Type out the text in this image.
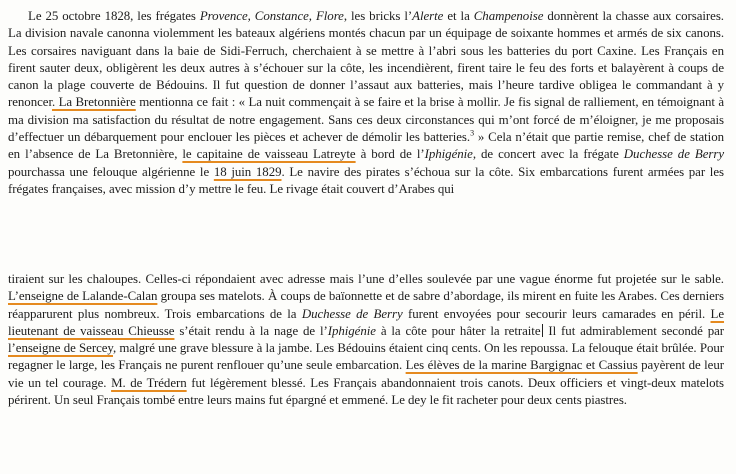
Le 25 octobre 1828, les frégates Provence, Constance, Flore, les bricks l’Alerte et la Champenoise donnèrent la chasse aux corsaires. La division navale canonna violemment les bateaux algériens montés chacun par un équipage de soixante hommes et armés de six canons. Les corsaires naviguant dans la baie de Sidi-Ferruch, cherchaient à se mettre à l’abri sous les batteries du port Caxine. Les Français en firent sauter deux, obligèrent les deux autres à s’échouer sur la côte, les incendièrent, firent taire le feu des forts et balayèrent à coups de canon la plage couverte de Bédouins. Il fut question de donner l’assaut aux batteries, mais l’heure tardive obligea le commandant à y renoncer. La Bretonnière mentionna ce fait : « La nuit commençait à se faire et la brise à mollir. Je fis signal de ralliement, en témoignant à ma division ma satisfaction du résultat de notre engagement. Sans ces deux circonstances qui m’ont forcé de m’éloigner, je me proposais d’effectuer un débarquement pour enclouer les pièces et achever de démolir les batteries.$^3$ » Cela n’était que partie remise, chef de station en l’absence de La Bretonnière, le capitaine de vaisseau Latreyte à bord de l’Iphigénie, de concert avec la frégate Duchesse de Berry pourchassa une felouque algérienne le 18 juin 1829. Le navire des pirates s’échoua sur la côte. Six embarcations furent armées par les frégates françaises, avec mission d’y mettre le feu. Le rivage était couvert d’Arabes qui

tiraient sur les chaloupes. Celles-ci répondaient avec adresse mais l’une d’elles soulevée par une vague énorme fut projetée sur le sable. L’enseigne de Lalande-Calan groupa ses matelots. À coups de baïonnette et de sabre d’abordage, ils mirent en fuite les Arabes. Ces derniers réapparurent plus nombreux. Trois embarcations de la Duchesse de Berry furent envoyées pour secourir leurs camarades en péril. Le lieutenant de vaisseau Chieusse s’était rendu à la nage de l’Iphigénie à la côte pour hâter la retraite Il fut admirablement secondé par l’enseigne de Sercey, malgré une grave blessure à la jambe. Les Bédouins étaient cinq cents. On les repoussa. La felouque était brûlée. Pour regagner le large, les Français ne purent renflouer qu’une seule embarcation. Les élèves de la marine Bargignac et Cassius payèrent de leur vie un tel courage. M. de Trédern fut légèrement blessé. Les Français abandonnaient trois canots. Deux officiers et vingt-deux matelots périrent. Un seul Français tombé entre leurs mains fut épargné et emmené. Le dey le fit racheter pour deux cents piastres.
